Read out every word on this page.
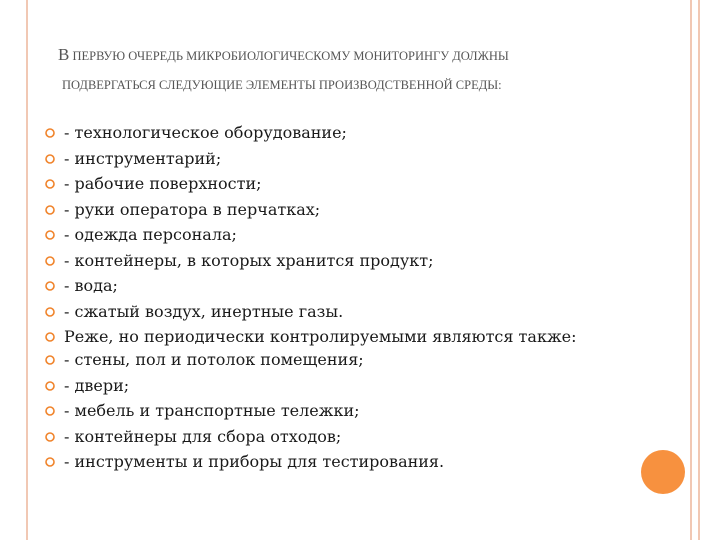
В ПЕРВУЮ ОЧЕРЕДЬ МИКРОБИОЛОГИЧЕСКОМУ МОНИТОРИНГУ ДОЛЖНЫ
ПОДВЕРГАТЬСЯ СЛЕДУЮЩИЕ ЭЛЕМЕНТЫ ПРОИЗВОДСТВЕННОЙ СРЕДЫ:
- технологическое оборудование;
- инструментарий;
- рабочие поверхности;
- руки оператора в перчатках;
- одежда персонала;
- контейнеры, в которых хранится продукт;
- вода;
- сжатый воздух, инертные газы.
Реже, но периодически контролируемыми являются также:
- стены, пол и потолок помещения;
- двери;
- мебель и транспортные тележки;
- контейнеры для сбора отходов;
- инструменты и приборы для тестирования.
